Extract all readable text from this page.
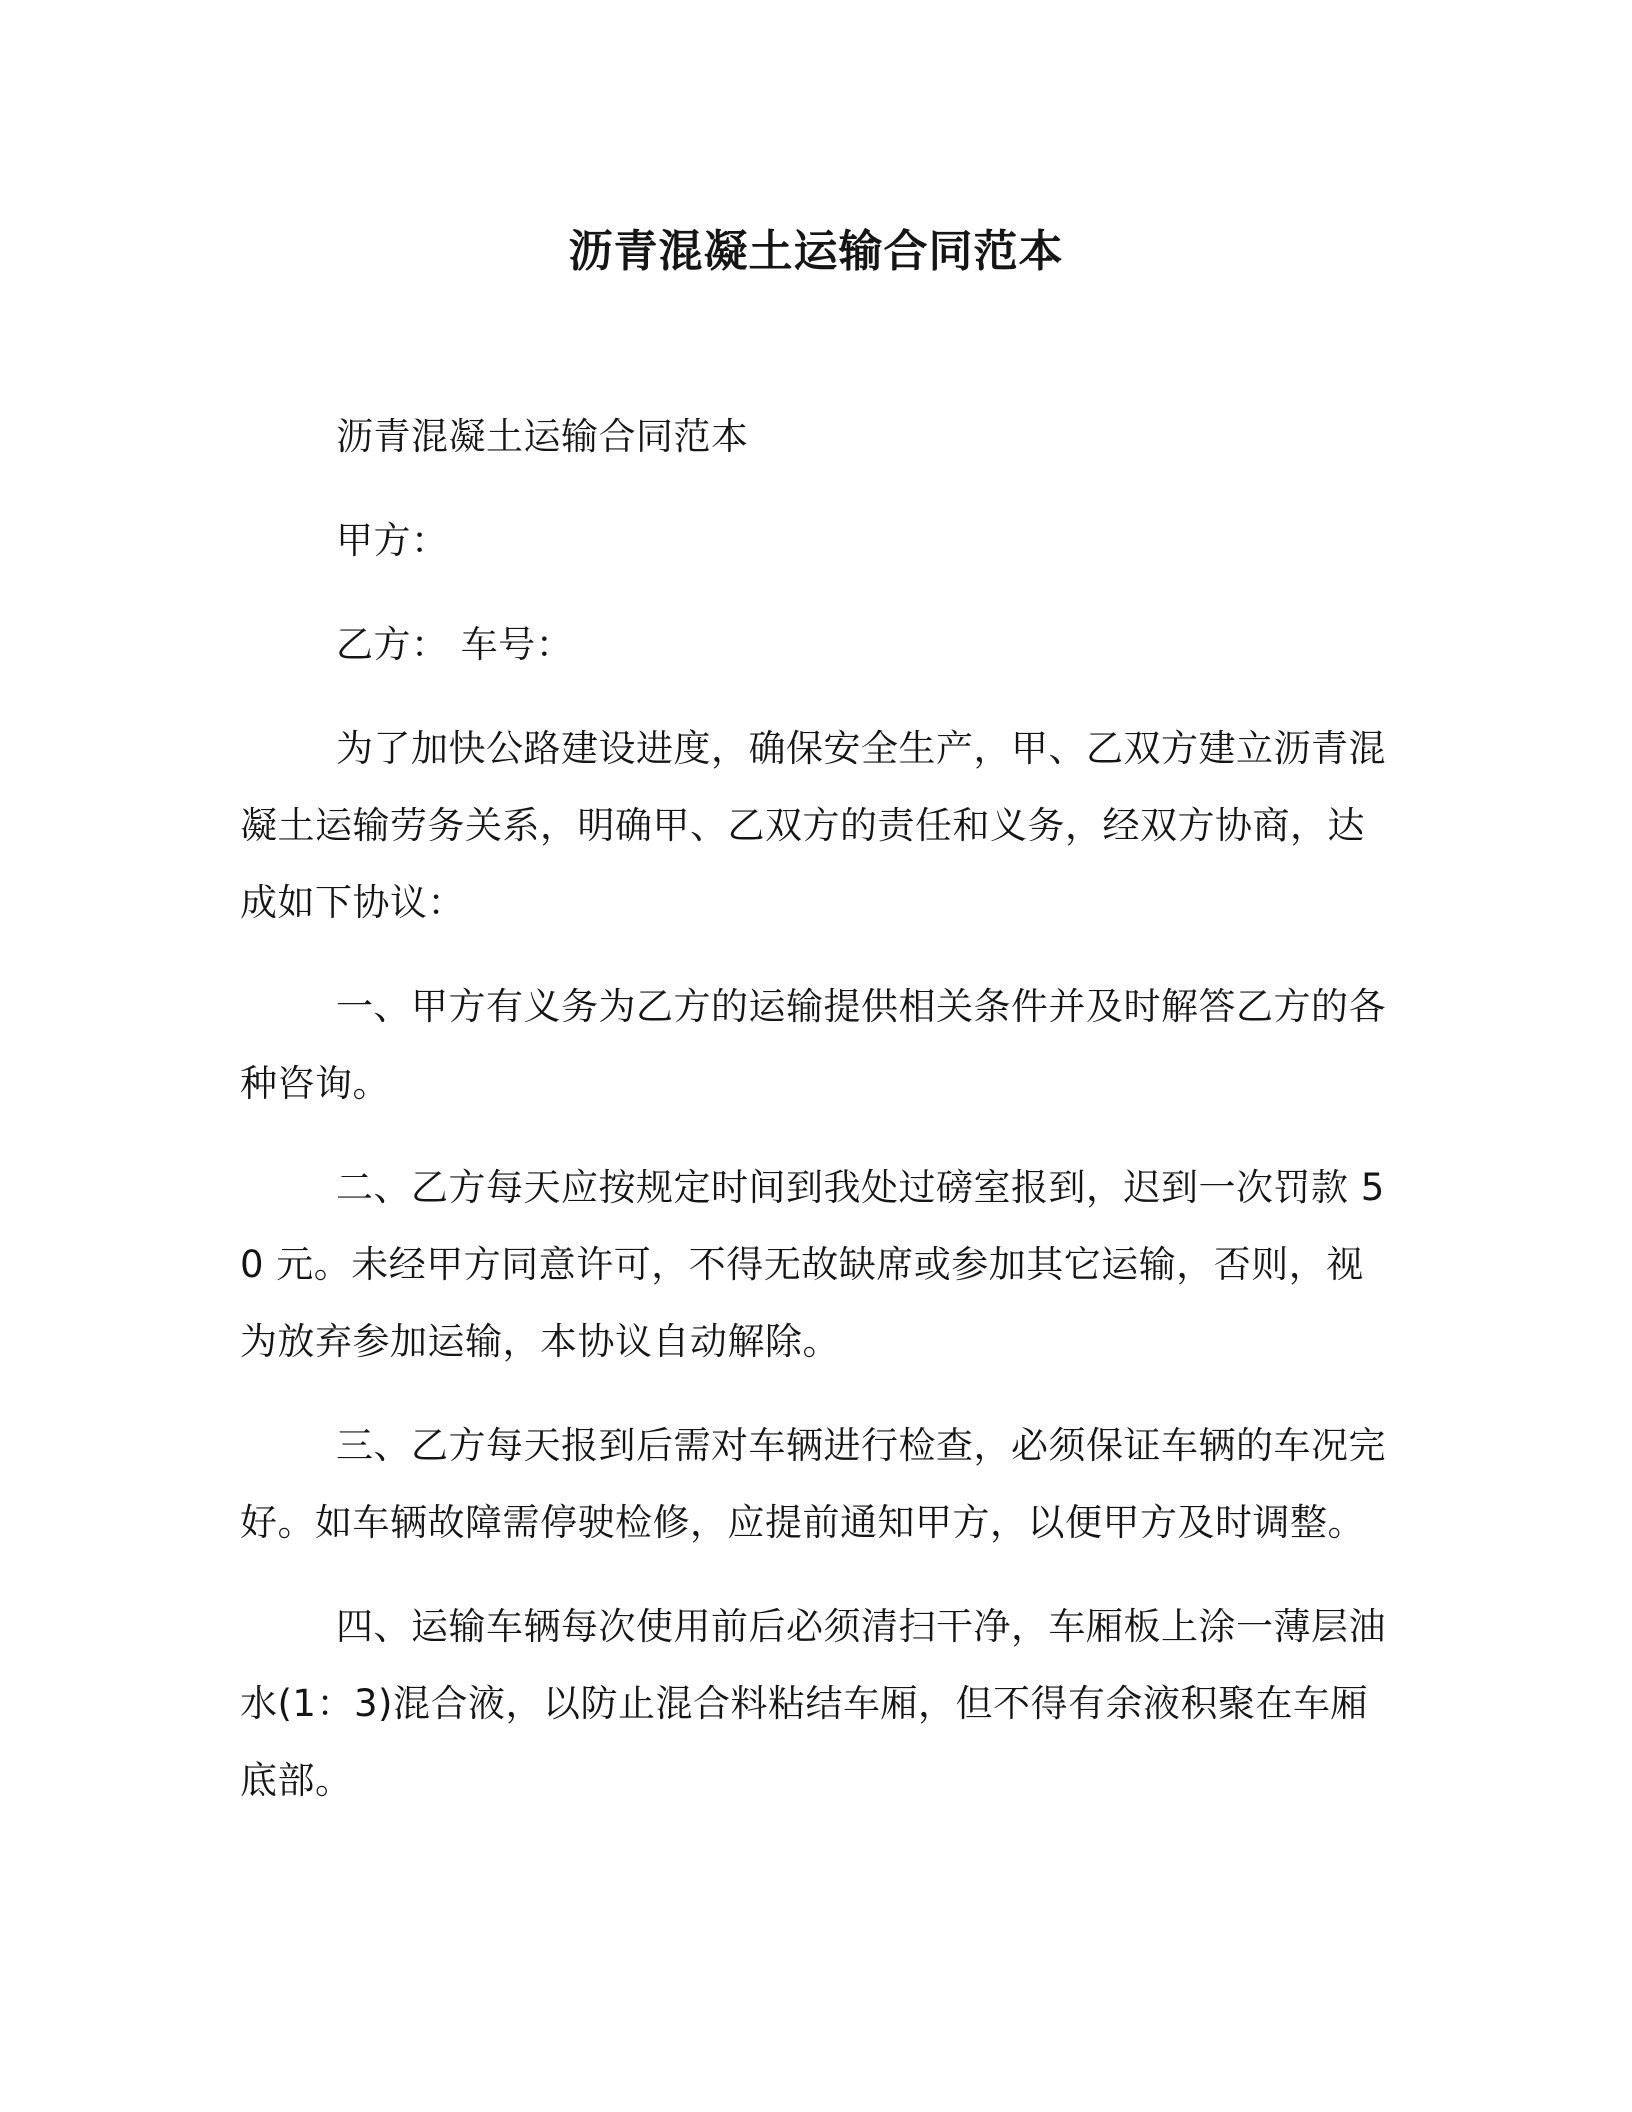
沥青混凝土运输合同范本

沥青混凝土运输合同范本

甲方：

乙方： 车号：

为了加快公路建设进度，确保安全生产，甲、乙双方建立沥青混凝土运输劳务关系，明确甲、乙双方的责任和义务，经双方协商，达成如下协议：

一、甲方有义务为乙方的运输提供相关条件并及时解答乙方的各种咨询。

二、乙方每天应按规定时间到我处过磅室报到，迟到一次罚款 50 元。未经甲方同意许可，不得无故缺席或参加其它运输，否则，视为放弃参加运输，本协议自动解除。

三、乙方每天报到后需对车辆进行检查，必须保证车辆的车况完好。如车辆故障需停驶检修，应提前通知甲方，以便甲方及时调整。

四、运输车辆每次使用前后必须清扫干净，车厢板上涂一薄层油水(1：3)混合液，以防止混合料粘结车厢，但不得有余液积聚在车厢底部。
